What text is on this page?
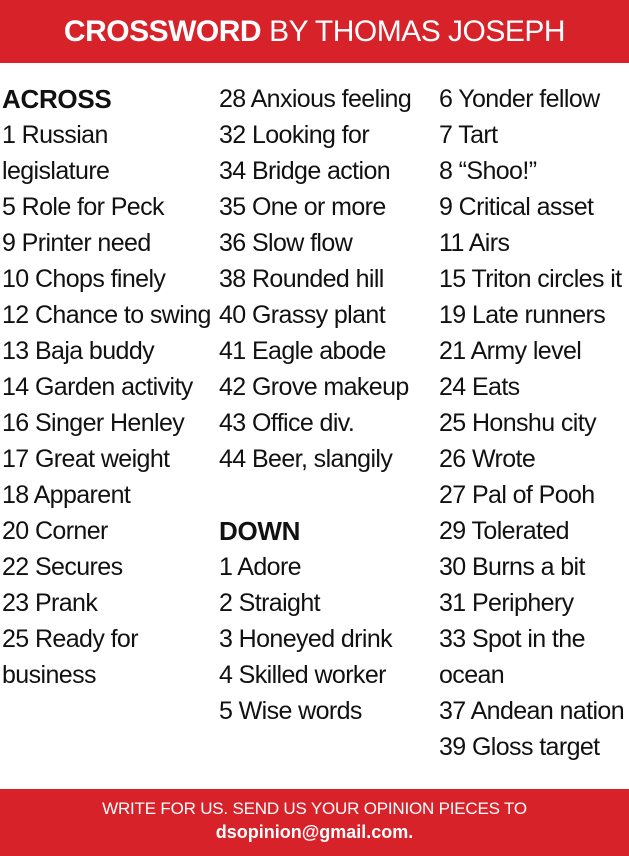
CROSSWORD BY THOMAS JOSEPH
ACROSS
1 Russian legislature
5 Role for Peck
9 Printer need
10 Chops finely
12 Chance to swing
13 Baja buddy
14 Garden activity
16 Singer Henley
17 Great weight
18 Apparent
20 Corner
22 Secures
23 Prank
25 Ready for business
28 Anxious feeling
32 Looking for
34 Bridge action
35 One or more
36 Slow flow
38 Rounded hill
40 Grassy plant
41 Eagle abode
42 Grove makeup
43 Office div.
44 Beer, slangily
DOWN
1 Adore
2 Straight
3 Honeyed drink
4 Skilled worker
5 Wise words
6 Yonder fellow
7 Tart
8 “Shoo!”
9 Critical asset
11 Airs
15 Triton circles it
19 Late runners
21 Army level
24 Eats
25 Honshu city
26 Wrote
27 Pal of Pooh
29 Tolerated
30 Burns a bit
31 Periphery
33 Spot in the ocean
37 Andean nation
39 Gloss target
WRITE FOR US. SEND US YOUR OPINION PIECES TO
dsopinion@gmail.com.
